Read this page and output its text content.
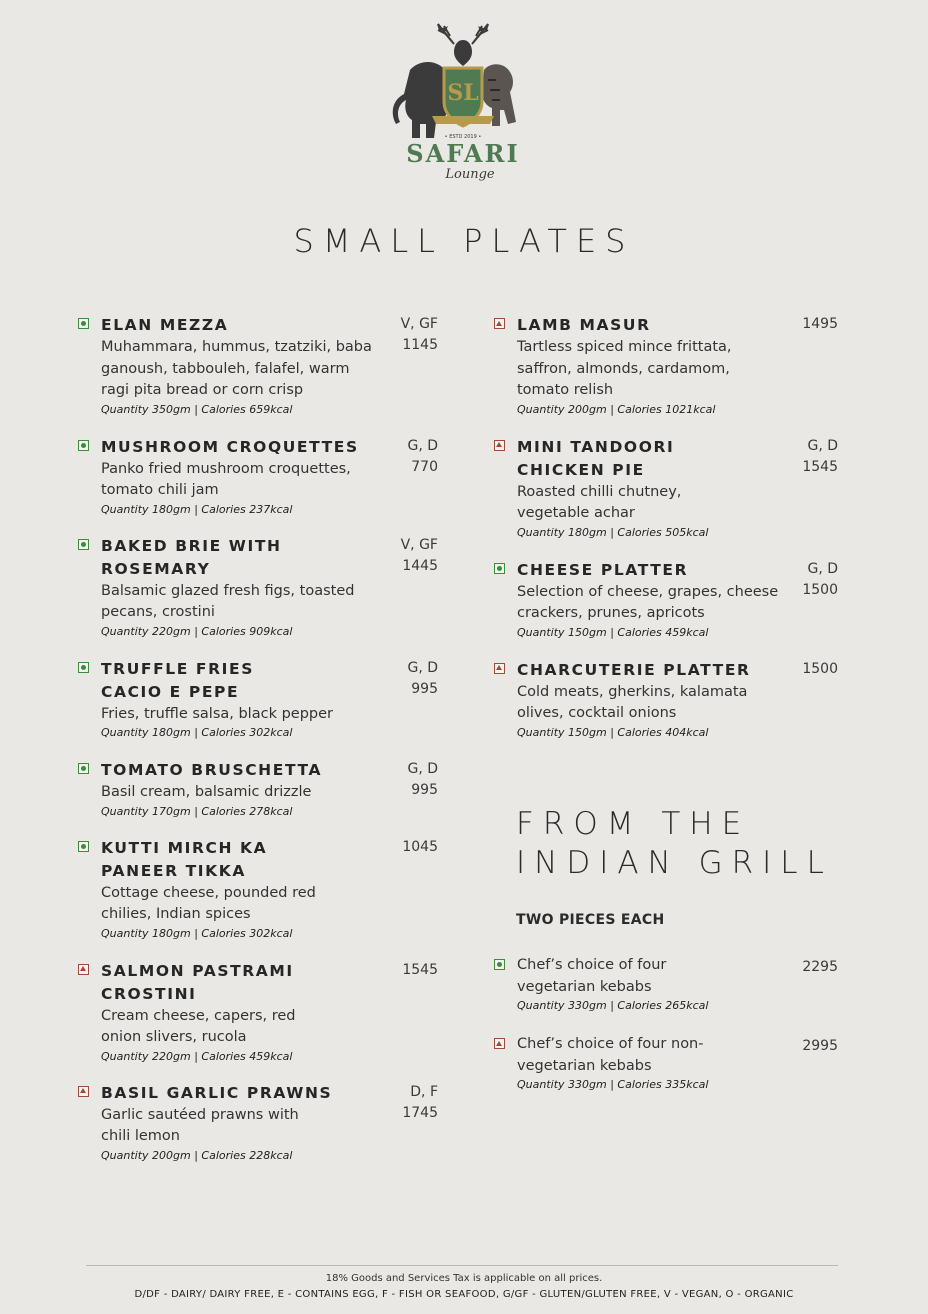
SL
• ESTD 2019 •
SAFARI
Lounge
SMALL PLATES
V, GF
1145
ELAN MEZZA
Muhammara, hummus, tzatziki, baba ganoush, tabbouleh, falafel, warm ragi pita bread or corn crisp
Quantity 350gm | Calories 659kcal
G, D
770
MUSHROOM CROQUETTES
Panko fried mushroom croquettes, tomato chili jam
Quantity 180gm | Calories 237kcal
V, GF
1445
BAKED BRIE WITH ROSEMARY
Balsamic glazed fresh figs, toasted pecans, crostini
Quantity 220gm | Calories 909kcal
G, D
995
TRUFFLE FRIES CACIO E PEPE
Fries, truffle salsa, black pepper
Quantity 180gm | Calories 302kcal
G, D
995
TOMATO BRUSCHETTA
Basil cream, balsamic drizzle
Quantity 170gm | Calories 278kcal
1045
KUTTI MIRCH KA PANEER TIKKA
Cottage cheese, pounded red chilies, Indian spices
Quantity 180gm | Calories 302kcal
1545
SALMON PASTRAMI CROSTINI
Cream cheese, capers, red onion slivers, rucola
Quantity 220gm | Calories 459kcal
D, F
1745
BASIL GARLIC PRAWNS
Garlic sautéed prawns with chili lemon
Quantity 200gm | Calories 228kcal
1495
LAMB MASUR
Tartless spiced mince frittata, saffron, almonds, cardamom, tomato relish
Quantity 200gm | Calories 1021kcal
G, D
1545
MINI TANDOORI CHICKEN PIE
Roasted chilli chutney, vegetable achar
Quantity 180gm | Calories 505kcal
G, D
1500
CHEESE PLATTER
Selection of cheese, grapes, cheese crackers, prunes, apricots
Quantity 150gm | Calories 459kcal
1500
CHARCUTERIE PLATTER
Cold meats, gherkins, kalamata olives, cocktail onions
Quantity 150gm | Calories 404kcal
FROM THE
INDIAN GRILL
TWO PIECES EACH
2295
Chef’s choice of four vegetarian kebabs
Quantity 330gm | Calories 265kcal
2995
Chef’s choice of four non-vegetarian kebabs
Quantity 330gm | Calories 335kcal
18% Goods and Services Tax is applicable on all prices.
D/DF - DAIRY/ DAIRY FREE, E - CONTAINS EGG, F - FISH OR SEAFOOD, G/GF - GLUTEN/GLUTEN FREE, V - VEGAN, O - ORGANIC
